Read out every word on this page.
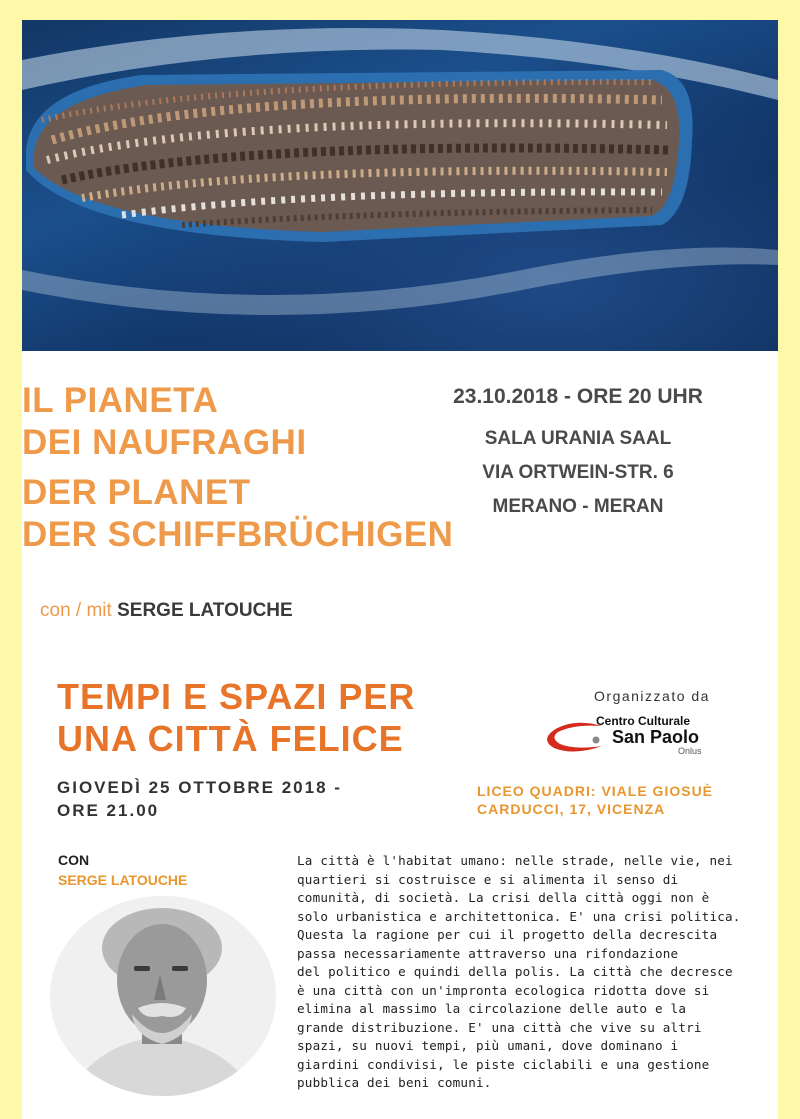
IL PIANETA
DEI NAUFRAGHI
DER PLANET
DER SCHIFFBRÜCHIGEN
23.10.2018 - ORE 20 UHR
SALA URANIA SAAL
VIA ORTWEIN-STR. 6
MERANO - MERAN
con / mit SERGE LATOUCHE
TEMPI E SPAZI PER
UNA CITTÀ FELICE
Organizzato da
Centro Culturale
San Paolo
Onlus
GIOVEDÌ 25 OTTOBRE 2018 -
ORE 21.00
LICEO QUADRI: VIALE GIOSUÈ
CARDUCCI, 17, VICENZA
CON
SERGE LATOUCHE
La città è l'habitat umano: nelle strade, nelle vie, nei
quartieri si costruisce e si alimenta il senso di
comunità, di società. La crisi della città oggi non è
solo urbanistica e architettonica. E' una crisi politica.
Questa la ragione per cui il progetto della decrescita
passa necessariamente attraverso una rifondazione
del politico e quindi della polis. La città che decresce
è una città con un'impronta ecologica ridotta dove si
elimina al massimo la circolazione delle auto e la
grande distribuzione. E' una città che vive su altri
spazi, su nuovi tempi, più umani, dove dominano i
giardini condivisi, le piste ciclabili e una gestione
pubblica dei beni comuni.
